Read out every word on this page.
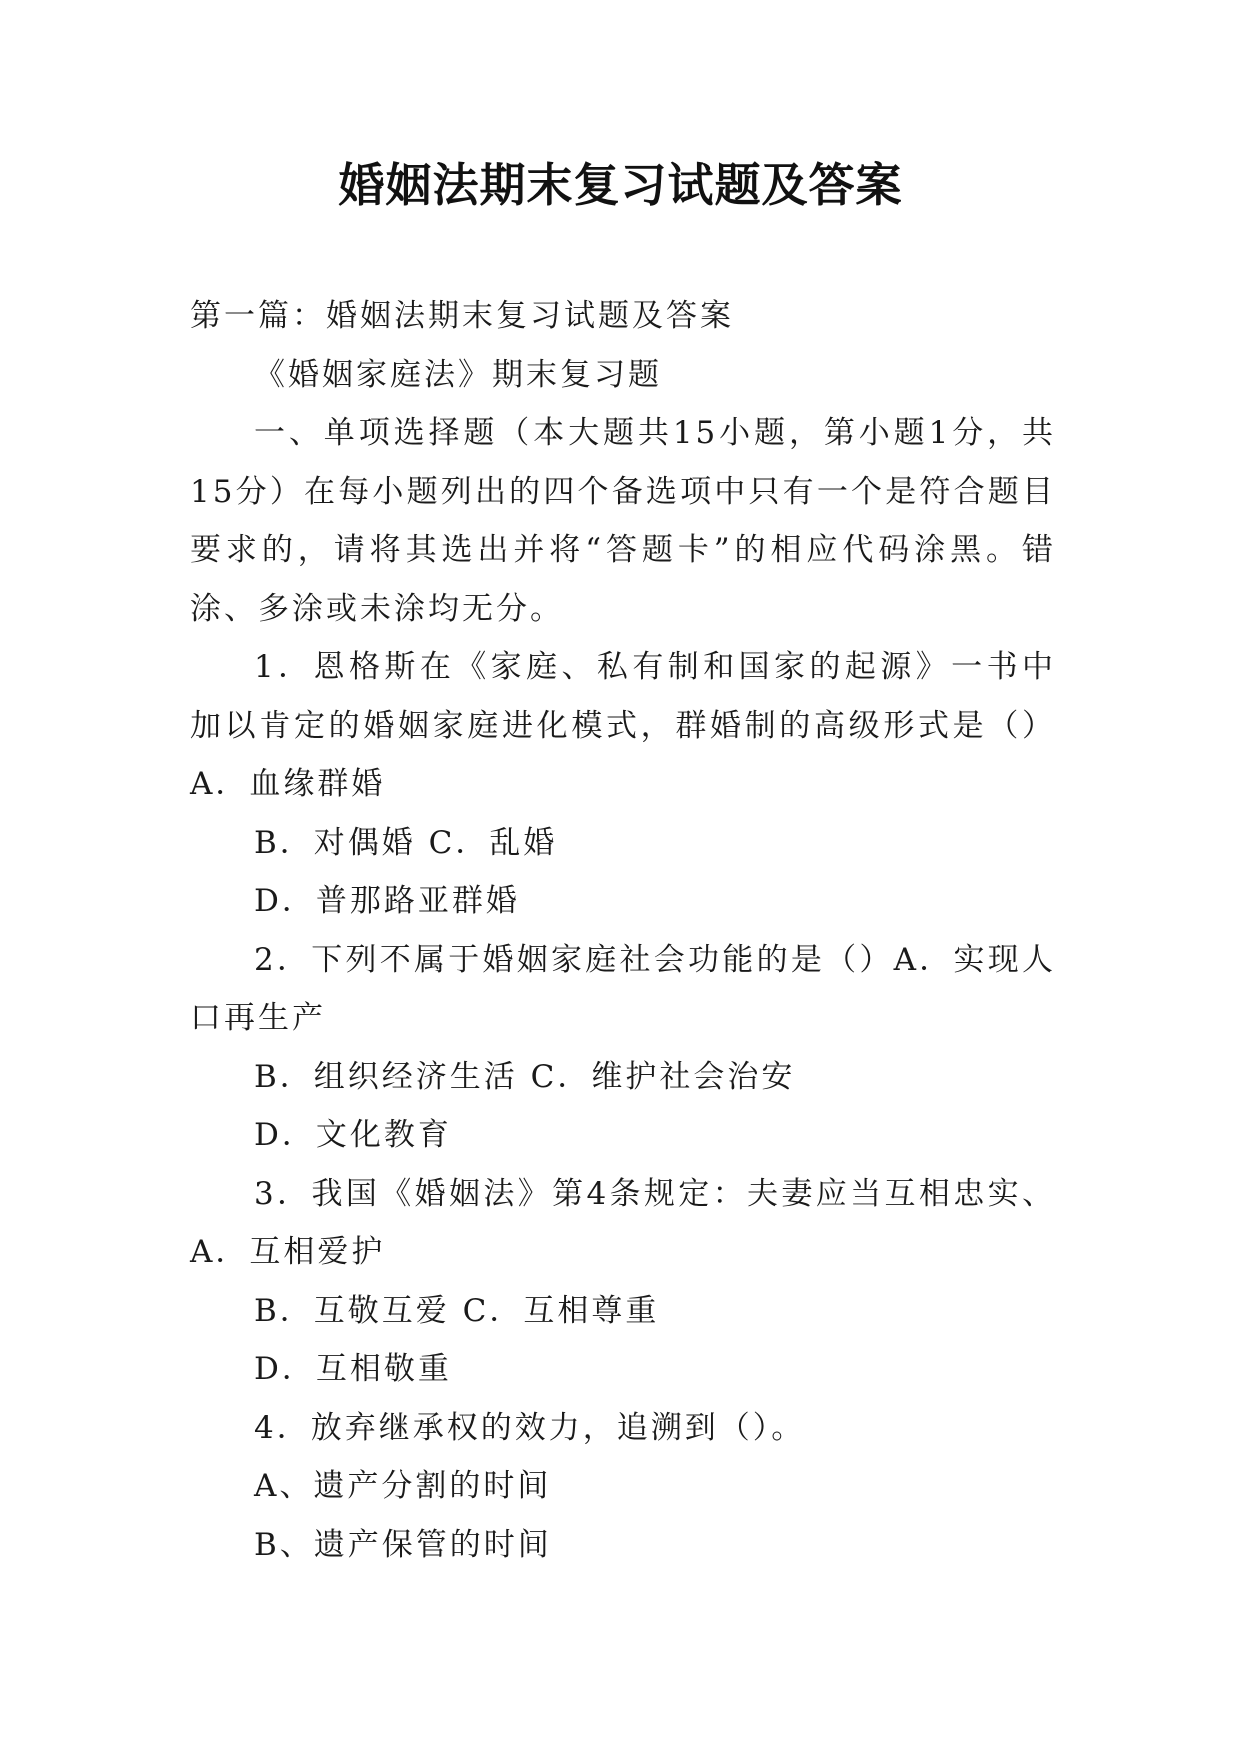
婚姻法期末复习试题及答案

第一篇：婚姻法期末复习试题及答案

《婚姻家庭法》期末复习题

一、单项选择题（本大题共15小题，第小题1分，共15分）在每小题列出的四个备选项中只有一个是符合题目要求的，请将其选出并将“答题卡”的相应代码涂黑。错涂、多涂或未涂均无分。

1．恩格斯在《家庭、私有制和国家的起源》一书中加以肯定的婚姻家庭进化模式，群婚制的高级形式是（）A．血缘群婚

B．对偶婚 C．乱婚

D．普那路亚群婚

2．下列不属于婚姻家庭社会功能的是（）A．实现人口再生产

B．组织经济生活 C．维护社会治安

D．文化教育

3．我国《婚姻法》第4条规定：夫妻应当互相忠实、A．互相爱护

B．互敬互爱 C．互相尊重

D．互相敬重

4．放弃继承权的效力，追溯到（）。

A、遗产分割的时间

B、遗产保管的时间
